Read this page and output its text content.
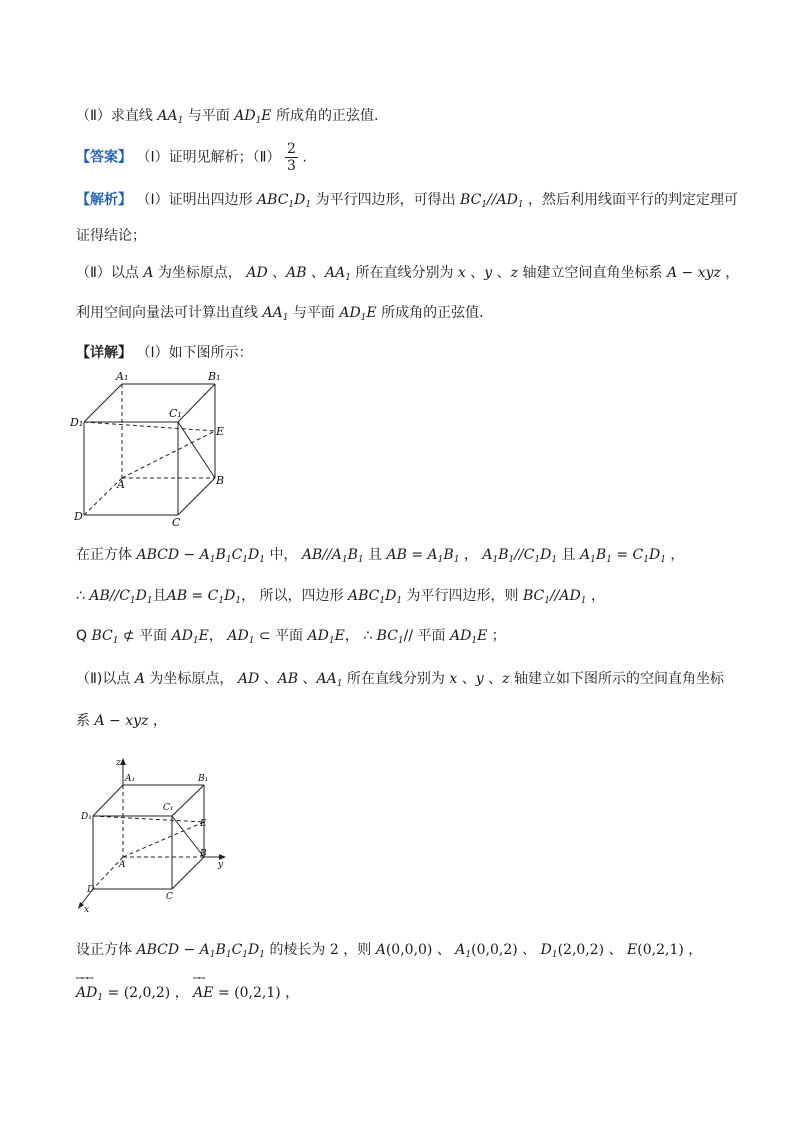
（Ⅱ）求直线 $AA_1$ 与平面 $AD_1E$ 所成角的正弦值.
【答案】 （Ⅰ）证明见解析；（Ⅱ） $\frac{2}{3}$ .
【解析】 （Ⅰ）证明出四边形 $ABC_1D_1$ 为平行四边形，可得出 $BC_1//AD_1$ ，然后利用线面平行的判定定理可
证得结论；
（Ⅱ）以点 A 为坐标原点， AD 、AB 、$AA_1$ 所在直线分别为 x 、y 、z 轴建立空间直角坐标系 A − xyz ，
利用空间向量法可计算出直线 $AA_1$ 与平面 $AD_1E$ 所成角的正弦值.
【详解】 （Ⅰ）如下图所示：
A₁	B₁
C₁
D₁
E
A	B
C
D
在正方体 ABCD − $A_1B_1C_1D_1$ 中， $AB//A_1B_1$ 且 AB = $A_1B_1$ ， $A_1B_1//C_1D_1$ 且 $A_1B_1 = C_1D_1$ ，
∴ $AB//C_1D_1$且AB = $C_1D_1$， 所以，四边形 $ABC_1D_1$ 为平行四边形，则 $BC_1//AD_1$ ，
Q $BC_1$ ⊄ 平面 $AD_1E$， $AD_1$ ⊂ 平面 $AD_1E$， ∴ $BC_1//$ 平面 $AD_1E$ ；
（Ⅱ)以点 A 为坐标原点， AD 、AB 、$AA_1$ 所在直线分别为 x 、y 、z 轴建立如下图所示的空间直角坐标
系 A − xyz ，
z
A₁	B₁
C₁
D₁
E
A
B
y
C
D
x
设正方体 ABCD − $A_1B_1C_1D_1$ 的棱长为 2 ，则 A(0,0,0) 、 $A_1(0,0,2)$ 、 $D_1(2,0,2)$ 、 E(0,2,1) ，
ꟷꟷꟷ
$AD_1 = (2,0,2)$ ，
ꟷꟷ
AE = (0,2,1) ，
